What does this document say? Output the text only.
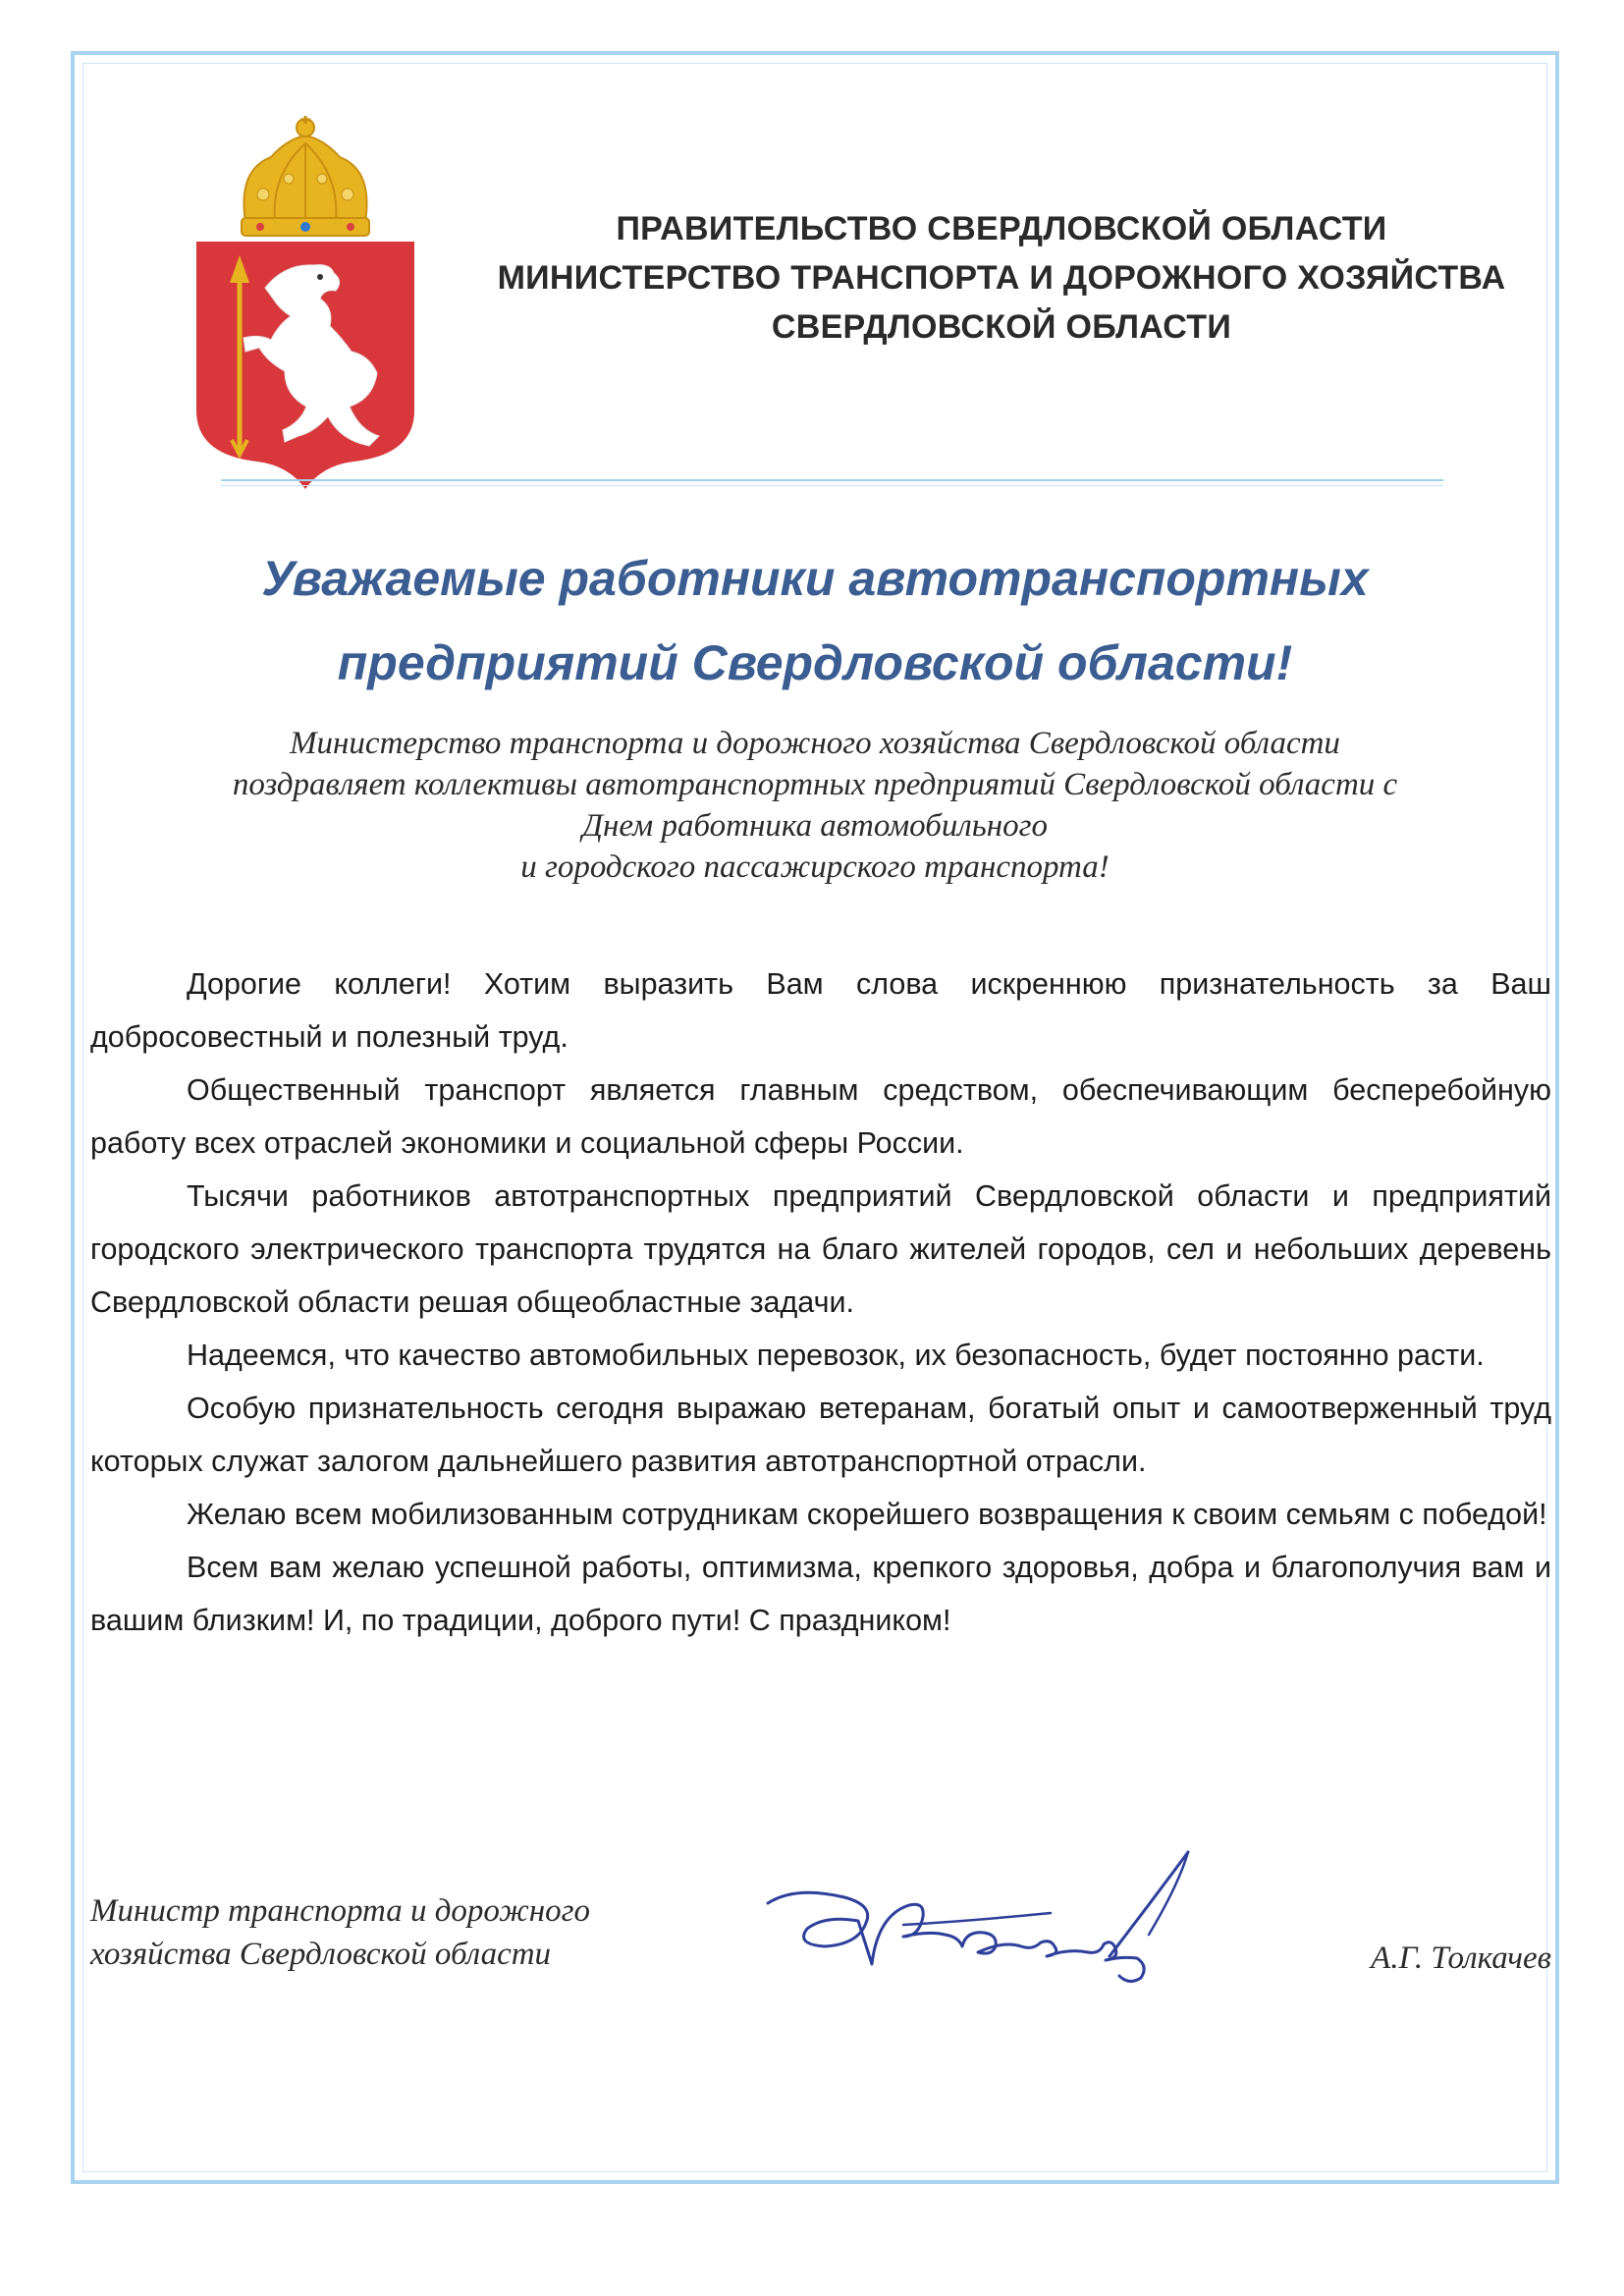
ПРАВИТЕЛЬСТВО СВЕРДЛОВСКОЙ ОБЛАСТИ
МИНИСТЕРСТВО ТРАНСПОРТА И ДОРОЖНОГО ХОЗЯЙСТВА
СВЕРДЛОВСКОЙ ОБЛАСТИ
Уважаемые работники автотранспортных
предприятий Свердловской области!
Министерство транспорта и дорожного хозяйства Свердловской области
поздравляет коллективы автотранспортных предприятий Свердловской области с
Днем работника автомобильного
и городского пассажирского транспорта!

Дорогие коллеги! Хотим выразить Вам слова искреннюю признательность за Ваш добросовестный и полезный труд.

Общественный транспорт является главным средством, обеспечивающим бесперебойную работу всех отраслей экономики и социальной сферы России.

Тысячи работников автотранспортных предприятий Свердловской области и предприятий городского электрического транспорта трудятся на благо жителей городов, сел и небольших деревень Свердловской области решая общеобластные задачи.

Надеемся, что качество автомобильных перевозок, их безопасность, будет постоянно расти.

Особую признательность сегодня выражаю ветеранам, богатый опыт и самоотверженный труд которых служат залогом дальнейшего развития автотранспортной отрасли.

Желаю всем мобилизованным сотрудникам скорейшего возвращения к своим семьям с победой!

Всем вам желаю успешной работы, оптимизма, крепкого здоровья, добра и благополучия вам и вашим близким! И, по традиции, доброго пути! С праздником!

Министр транспорта и дорожного
хозяйства Свердловской области	А.Г. Толкачев
